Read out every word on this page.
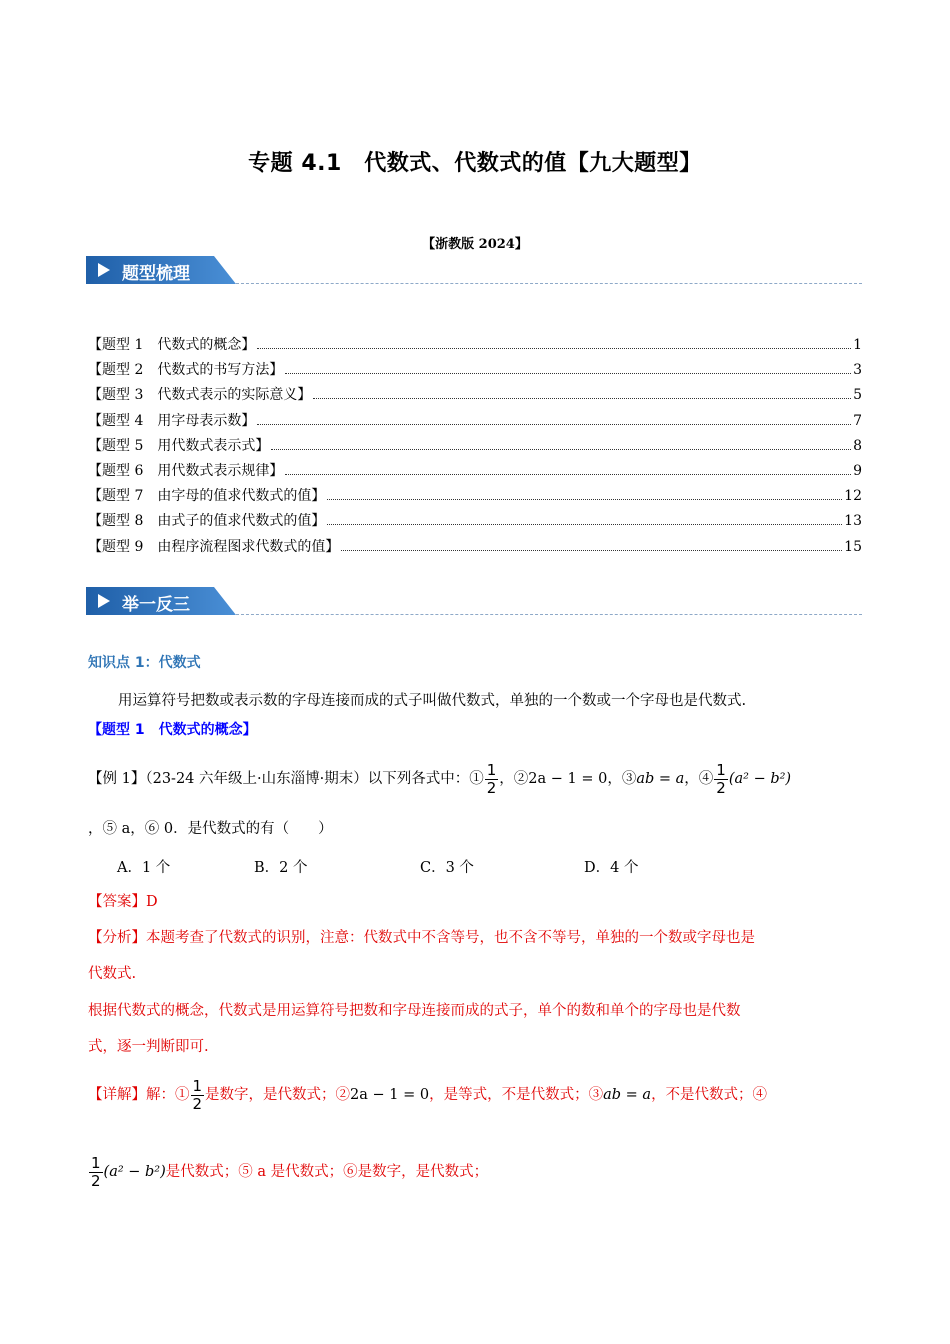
专题 4.1　代数式、代数式的值【九大题型】
【浙教版 2024】
题型梳理
【题型 1　代数式的概念】	1
【题型 2　代数式的书写方法】	3
【题型 3　代数式表示的实际意义】	5
【题型 4　用字母表示数】	7
【题型 5　用代数式表示式】	8
【题型 6　用代数式表示规律】	9
【题型 7　由字母的值求代数式的值】	12
【题型 8　由式子的值求代数式的值】	13
【题型 9　由程序流程图求代数式的值】	15
举一反三
知识点 1：代数式
用运算符号把数或表示数的字母连接而成的式子叫做代数式，单独的一个数或一个字母也是代数式.
【题型 1　代数式的概念】
【例 1】（23-24 六年级上·山东淄博·期末）以下列各式中：① $\frac{1}{2}$ ，②2a − 1 = 0，③ab = a，④ $\frac{1}{2} (a^2 - b^2)$
，⑤ a，⑥ 0．是代数式的有（　　）
A．1 个	B．2 个	C．3 个	D．4 个
【答案】D
【分析】本题考查了代数式的识别，注意：代数式中不含等号，也不含不等号，单独的一个数或字母也是
代数式.
根据代数式的概念，代数式是用运算符号把数和字母连接而成的式子，单个的数和单个的字母也是代数
式，逐一判断即可.
【详解】解：① $\frac{1}{2}$ 是数字，是代数式；②2a − 1 = 0，是等式，不是代数式；③ab = a，不是代数式；④
$\frac{1}{2} (a^2 - b^2)$是代数式；⑤ a 是代数式；⑥是数字，是代数式；
